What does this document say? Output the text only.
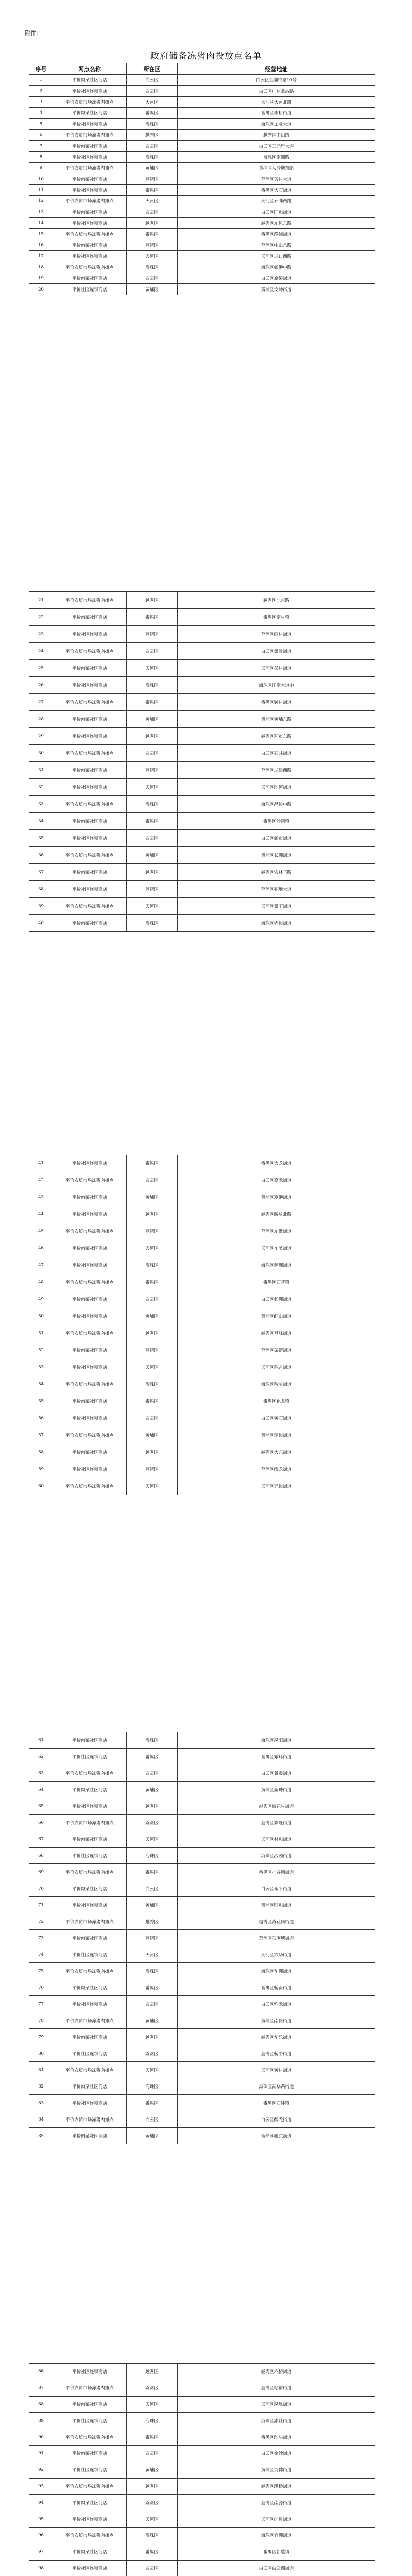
附件：
政府储备冻猪肉投放点名单
序号	网点名称	所在区	经营地址
1	平价肉菜社区商店	白云区	白云区金鼎中路10号
2	平价社区连锁商店	白云区	白云区广州北站路
3	平价农贸市场冻猪肉摊点	天河区	天河区天河北路
4	平价肉菜社区商店	番禺区	番禺区市桥街道
5	平价社区连锁商店	海珠区	海珠区工业大道
6	平价农贸市场冻猪肉摊点	越秀区	越秀区中山路
7	平价肉菜社区商店	白云区	白云区三元里大道
8	平价社区连锁商店	海珠区	海珠区南洲路
9	平价农贸市场冻猪肉摊点	黄埔区	黄埔区大沙地东路
10	平价肉菜社区商店	荔湾区	荔湾区芳村大道
11	平价社区连锁商店	番禺区	番禺区大石街道
12	平价农贸市场冻猪肉摊点	天河区	天河区石牌西路
13	平价肉菜社区商店	白云区	白云区同和街道
14	平价社区连锁商店	越秀区	越秀区东风东路
15	平价农贸市场冻猪肉摊点	番禺区	番禺区洛浦街道
16	平价肉菜社区商店	荔湾区	荔湾区中山八路
17	平价社区连锁商店	天河区	天河区龙口西路
18	平价农贸市场冻猪肉摊点	海珠区	海珠区新港中路
19	平价肉菜社区商店	白云区	白云区京溪街道
20	平价社区连锁商店	黄埔区	黄埔区文冲街道
21	平价农贸市场冻猪肉摊点	越秀区	越秀区北京路
22	平价肉菜社区商店	番禺区	番禺区南村镇
23	平价社区连锁商店	荔湾区	荔湾区西村街道
24	平价农贸市场冻猪肉摊点	白云区	白云区棠景街道
25	平价肉菜社区商店	天河区	天河区员村街道
26	平价社区连锁商店	海珠区	海珠区江南大道中
27	平价农贸市场冻猪肉摊点	番禺区	番禺区钟村街道
28	平价肉菜社区商店	黄埔区	黄埔区黄埔东路
29	平价社区连锁商店	越秀区	越秀区环市东路
30	平价农贸市场冻猪肉摊点	白云区	白云区石井街道
31	平价肉菜社区商店	荔湾区	荔湾区龙津西路
32	平价社区连锁商店	天河区	天河区沙河街道
33	平价农贸市场冻猪肉摊点	海珠区	海珠区昌岗中路
34	平价肉菜社区商店	番禺区	番禺区沙湾镇
35	平价社区连锁商店	白云区	白云区新市街道
36	平价农贸市场冻猪肉摊点	黄埔区	黄埔区长洲街道
37	平价肉菜社区商店	越秀区	越秀区农林下路
38	平价社区连锁商店	荔湾区	荔湾区花地大道
39	平价农贸市场冻猪肉摊点	天河区	天河区棠下街道
40	平价肉菜社区商店	海珠区	海珠区赤岗街道
41	平价社区连锁商店	番禺区	番禺区大龙街道
42	平价农贸市场冻猪肉摊点	白云区	白云区嘉禾街道
43	平价肉菜社区商店	黄埔区	黄埔区夏港街道
44	平价社区连锁商店	越秀区	越秀区解放北路
45	平价农贸市场冻猪肉摊点	荔湾区	荔湾区东漖街道
46	平价肉菜社区商店	天河区	天河区车陂街道
47	平价社区连锁商店	海珠区	海珠区琶洲街道
48	平价农贸市场冻猪肉摊点	番禺区	番禺区石碁镇
49	平价肉菜社区商店	白云区	白云区松洲街道
50	平价社区连锁商店	黄埔区	黄埔区红山街道
51	平价农贸市场冻猪肉摊点	越秀区	越秀区登峰街道
52	平价肉菜社区商店	荔湾区	荔湾区茶滘街道
53	平价社区连锁商店	天河区	天河区珠吉街道
54	平价农贸市场冻猪肉摊点	海珠区	海珠区瑞宝街道
55	平价肉菜社区商店	番禺区	番禺区化龙镇
56	平价社区连锁商店	白云区	白云区黄石街道
57	平价农贸市场冻猪肉摊点	黄埔区	黄埔区萝岗街道
58	平价肉菜社区商店	越秀区	越秀区大东街道
59	平价社区连锁商店	荔湾区	荔湾区海龙街道
60	平价农贸市场冻猪肉摊点	天河区	天河区元岗街道
61	平价肉菜社区商店	海珠区	海珠区凤阳街道
62	平价社区连锁商店	番禺区	番禺区东环街道
63	平价农贸市场冻猪肉摊点	白云区	白云区景泰街道
64	平价肉菜社区商店	黄埔区	黄埔区鱼珠街道
65	平价社区连锁商店	越秀区	越秀区梅花村街道
66	平价农贸市场冻猪肉摊点	荔湾区	荔湾区彩虹街道
67	平价肉菜社区商店	天河区	天河区林和街道
68	平价社区连锁商店	海珠区	海珠区沙园街道
69	平价农贸市场冻猪肉摊点	番禺区	番禺区小谷围街道
70	平价肉菜社区商店	白云区	白云区永平街道
71	平价社区连锁商店	黄埔区	黄埔区联和街道
72	平价农贸市场冻猪肉摊点	越秀区	越秀区黄花岗街道
73	平价肉菜社区商店	荔湾区	荔湾区石围塘街道
74	平价社区连锁商店	天河区	天河区兴华街道
75	平价农贸市场冻猪肉摊点	海珠区	海珠区华洲街道
76	平价肉菜社区商店	番禺区	番禺区桥南街道
77	平价社区连锁商店	白云区	白云区均禾街道
78	平价农贸市场冻猪肉摊点	黄埔区	黄埔区南岗街道
79	平价肉菜社区商店	越秀区	越秀区华乐街道
80	平价社区连锁商店	荔湾区	荔湾区桥中街道
81	平价农贸市场冻猪肉摊点	天河区	天河区黄村街道
82	平价肉菜社区商店	海珠区	海珠区南华西街道
83	平价社区连锁商店	番禺区	番禺区石楼镇
84	平价农贸市场冻猪肉摊点	白云区	白云区鹤龙街道
85	平价肉菜社区商店	黄埔区	黄埔区穗东街道
86	平价社区连锁商店	越秀区	越秀区六榕街道
87	平价农贸市场冻猪肉摊点	荔湾区	荔湾区站前街道
88	平价肉菜社区商店	天河区	天河区凤凰街道
89	平价社区连锁商店	海珠区	海珠区素社街道
90	平价农贸市场冻猪肉摊点	番禺区	番禺区沙头街道
91	平价肉菜社区商店	白云区	白云区金沙街道
92	平价社区连锁商店	黄埔区	黄埔区九佛街道
93	平价农贸市场冻猪肉摊点	越秀区	越秀区洪桥街道
94	平价肉菜社区商店	荔湾区	荔湾区南源街道
95	平价社区连锁商店	天河区	天河区前进街道
96	平价农贸市场冻猪肉摊点	海珠区	海珠区官洲街道
97	平价肉菜社区商店	番禺区	番禺区新造镇
98	平价社区连锁商店	白云区	白云区白云湖街道
